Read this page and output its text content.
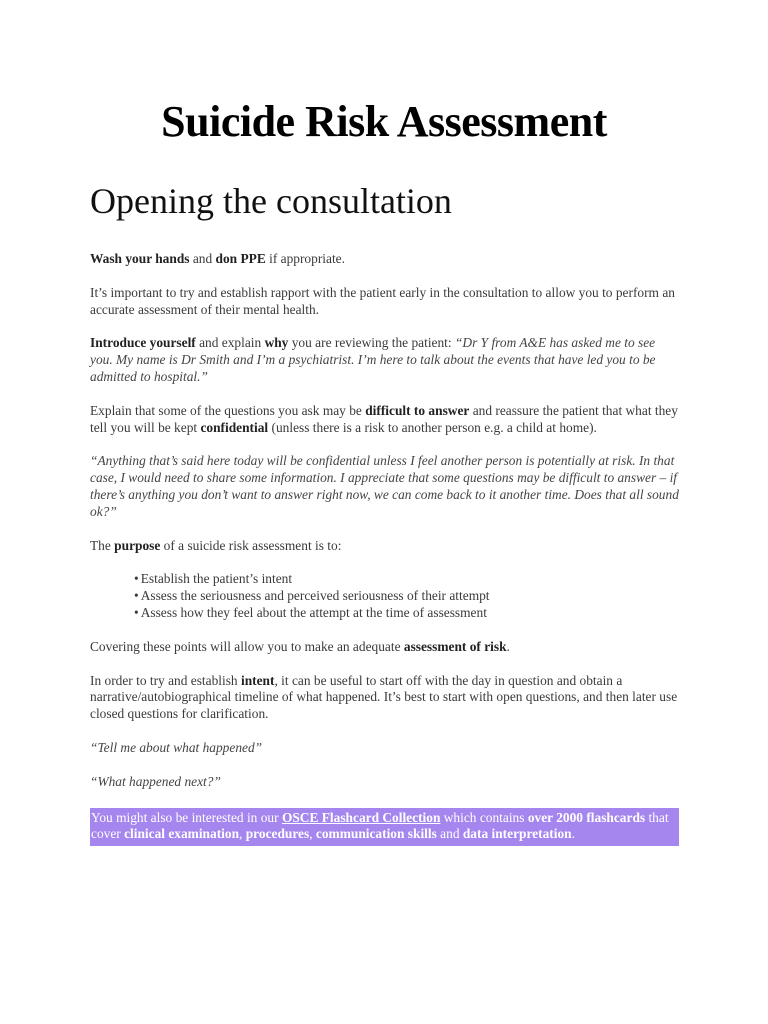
Suicide Risk Assessment
Opening the consultation

Wash your hands and don PPE if appropriate.

It’s important to try and establish rapport with the patient early in the consultation to allow you to perform an accurate assessment of their mental health.

Introduce yourself and explain why you are reviewing the patient: “Dr Y from A&E has asked me to see you. My name is Dr Smith and I’m a psychiatrist. I’m here to talk about the events that have led you to be admitted to hospital.”

Explain that some of the questions you ask may be difficult to answer and reassure the patient that what they tell you will be kept confidential (unless there is a risk to another person e.g. a child at home).

“Anything that’s said here today will be confidential unless I feel another person is potentially at risk. In that case, I would need to share some information. I appreciate that some questions may be difficult to answer – if there’s anything you don’t want to answer right now, we can come back to it another time. Does that all sound ok?”

The purpose of a suicide risk assessment is to:

• Establish the patient’s intent
• Assess the seriousness and perceived seriousness of their attempt
• Assess how they feel about the attempt at the time of assessment

Covering these points will allow you to make an adequate assessment of risk.

In order to try and establish intent, it can be useful to start off with the day in question and obtain a narrative/autobiographical timeline of what happened. It’s best to start with open questions, and then later use closed questions for clarification.

“Tell me about what happened”

“What happened next?”

You might also be interested in our OSCE Flashcard Collection which contains over 2000 flashcards that cover clinical examination, procedures, communication skills and data interpretation.
